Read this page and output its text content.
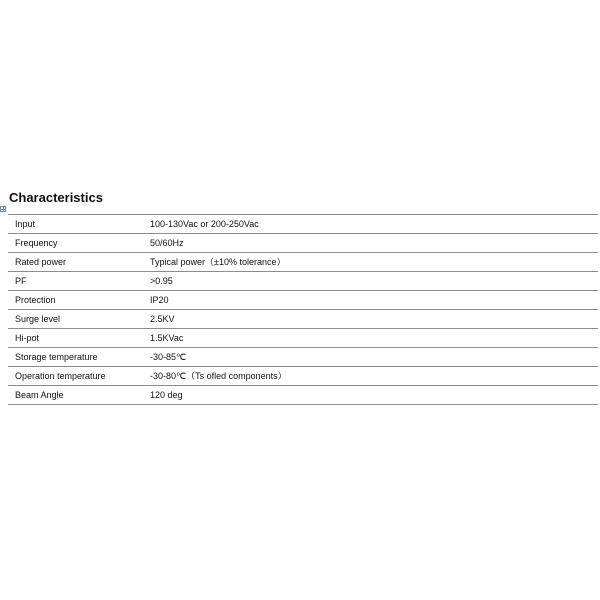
Characteristics
Input	100-130Vac or 200-250Vac
Frequency	50/60Hz
Rated power	Typical power（±10% tolerance）
PF	>0.95
Protection	IP20
Surge level	2.5KV
Hi-pot	1.5KVac
Storage temperature	-30-85℃
Operation temperature	-30-80℃（Ts ofled components）
Beam Angle	120 deg
